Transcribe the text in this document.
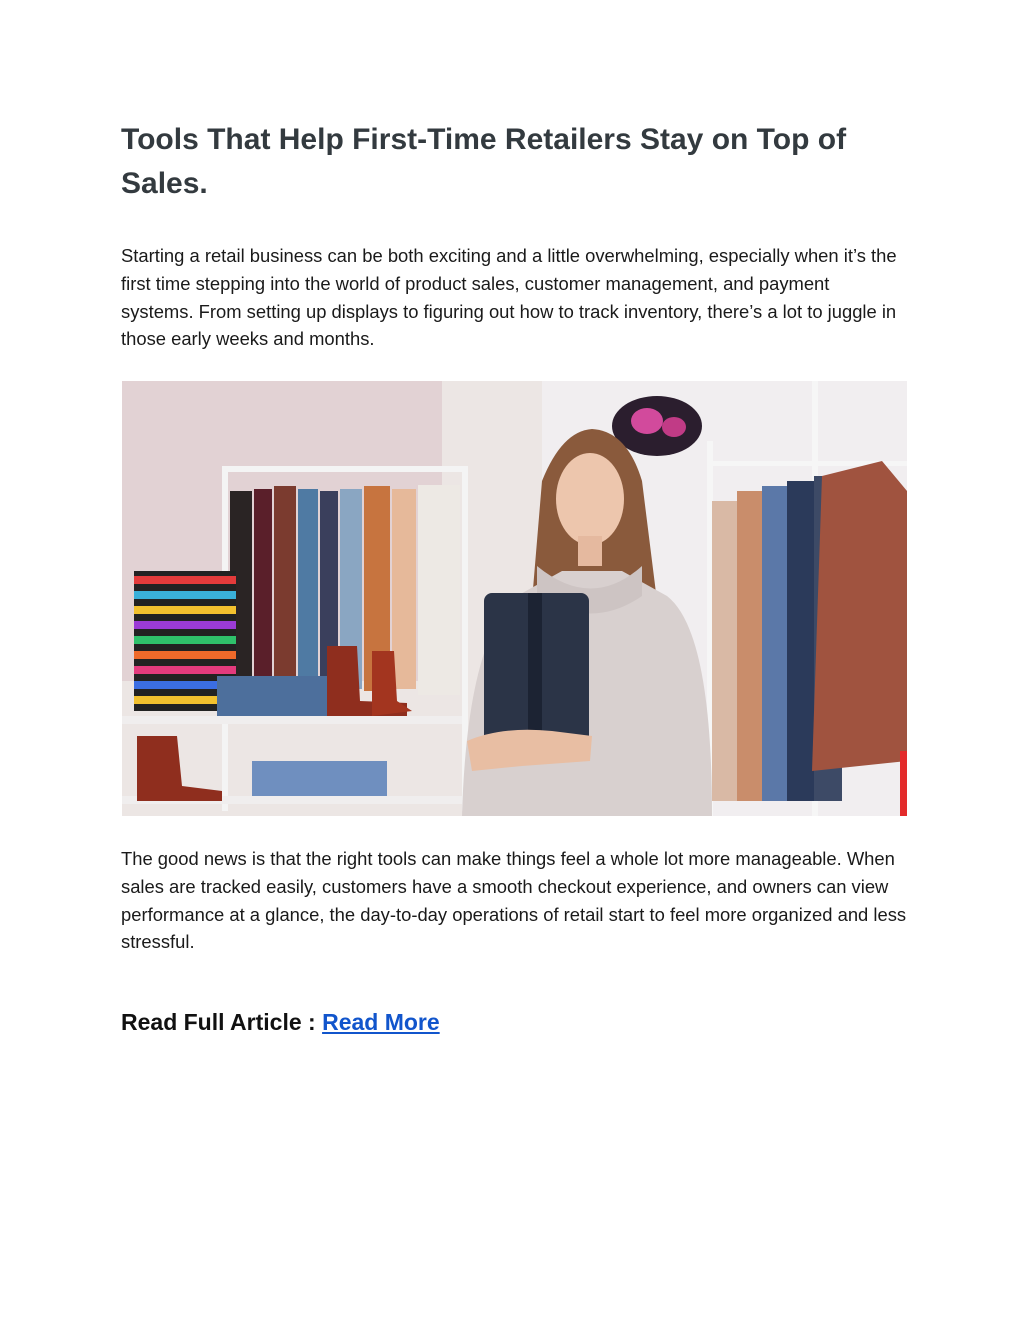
Tools That Help First-Time Retailers Stay on Top of Sales.

Starting a retail business can be both exciting and a little overwhelming, especially when it’s the first time stepping into the world of product sales, customer management, and payment systems. From setting up displays to figuring out how to track inventory, there’s a lot to juggle in those early weeks and months.

The good news is that the right tools can make things feel a whole lot more manageable. When sales are tracked easily, customers have a smooth checkout experience, and owners can view performance at a glance, the day-to-day operations of retail start to feel more organized and less stressful.

Read Full Article : Read More
